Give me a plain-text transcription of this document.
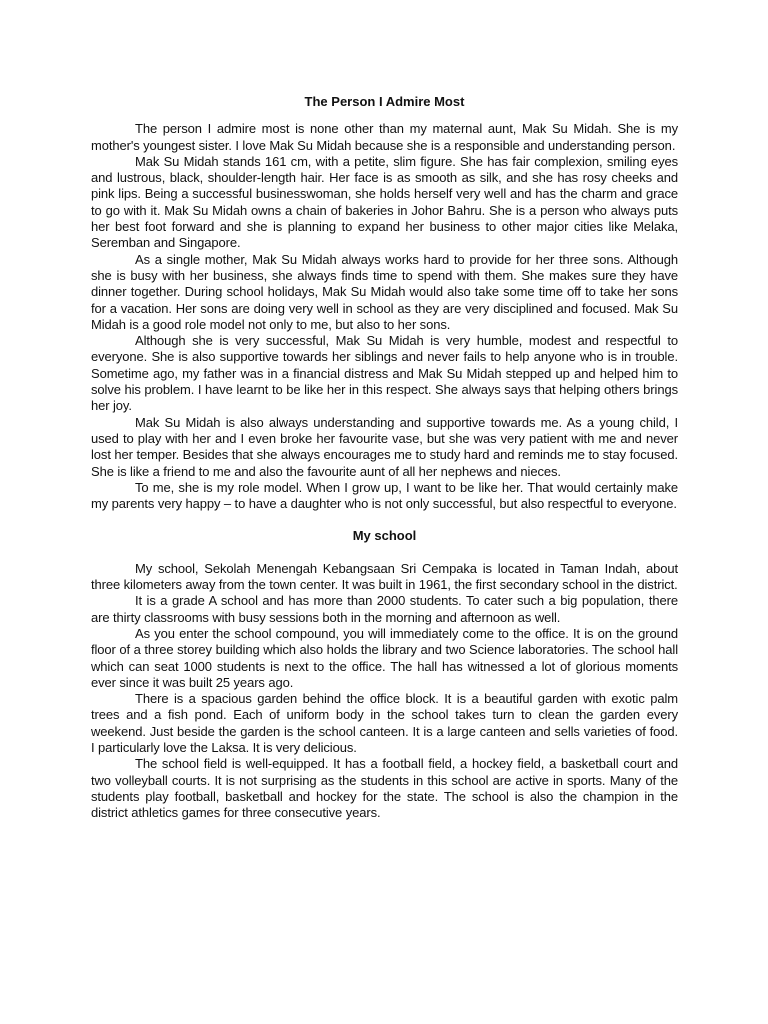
The Person I Admire Most

The person I admire most is none other than my maternal aunt, Mak Su Midah. She is my mother's youngest sister. I love Mak Su Midah because she is a responsible and understanding person.

Mak Su Midah stands 161 cm, with a petite, slim figure. She has fair complexion, smiling eyes and lustrous, black, shoulder-length hair. Her face is as smooth as silk, and she has rosy cheeks and pink lips. Being a successful businesswoman, she holds herself very well and has the charm and grace to go with it. Mak Su Midah owns a chain of bakeries in Johor Bahru. She is a person who always puts her best foot forward and she is planning to expand her business to other major cities like Melaka, Seremban and Singapore.

As a single mother, Mak Su Midah always works hard to provide for her three sons. Although she is busy with her business, she always finds time to spend with them. She makes sure they have dinner together. During school holidays, Mak Su Midah would also take some time off to take her sons for a vacation. Her sons are doing very well in school as they are very disciplined and focused. Mak Su Midah is a good role model not only to me, but also to her sons.

Although she is very successful, Mak Su Midah is very humble, modest and respectful to everyone. She is also supportive towards her siblings and never fails to help anyone who is in trouble. Sometime ago, my father was in a financial distress and Mak Su Midah stepped up and helped him to solve his problem. I have learnt to be like her in this respect. She always says that helping others brings her joy.

Mak Su Midah is also always understanding and supportive towards me. As a young child, I used to play with her and I even broke her favourite vase, but she was very patient with me and never lost her temper. Besides that she always encourages me to study hard and reminds me to stay focused. She is like a friend to me and also the favourite aunt of all her nephews and nieces.

To me, she is my role model. When I grow up, I want to be like her. That would certainly make my parents very happy – to have a daughter who is not only successful, but also respectful to everyone.

My school

My school, Sekolah Menengah Kebangsaan Sri Cempaka is located in Taman Indah, about three kilometers away from the town center. It was built in 1961, the first secondary school in the district.

It is a grade A school and has more than 2000 students. To cater such a big population, there are thirty classrooms with busy sessions both in the morning and afternoon as well.

As you enter the school compound, you will immediately come to the office. It is on the ground floor of a three storey building which also holds the library and two Science laboratories. The school hall which can seat 1000 students is next to the office. The hall has witnessed a lot of glorious moments ever since it was built 25 years ago.

There is a spacious garden behind the office block. It is a beautiful garden with exotic palm trees and a fish pond. Each of uniform body in the school takes turn to clean the garden every weekend. Just beside the garden is the school canteen. It is a large canteen and sells varieties of food. I particularly love the Laksa. It is very delicious.

The school field is well-equipped. It has a football field, a hockey field, a basketball court and two volleyball courts. It is not surprising as the students in this school are active in sports. Many of the students play football, basketball and hockey for the state. The school is also the champion in the district athletics games for three consecutive years.
